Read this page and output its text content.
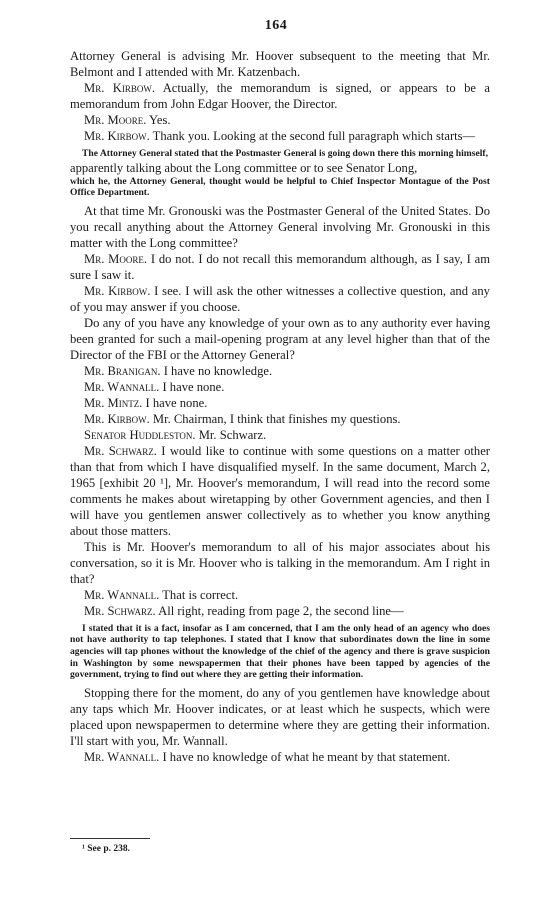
164

Attorney General is advising Mr. Hoover subsequent to the meeting that Mr. Belmont and I attended with Mr. Katzenbach.

Mr. Kirbow. Actually, the memorandum is signed, or appears to be a memorandum from John Edgar Hoover, the Director.

Mr. Moore. Yes.

Mr. Kirbow. Thank you. Looking at the second full paragraph which starts—

The Attorney General stated that the Postmaster General is going down there this morning himself,

apparently talking about the Long committee or to see Senator Long,

which he, the Attorney General, thought would be helpful to Chief Inspector Montague of the Post Office Department.

At that time Mr. Gronouski was the Postmaster General of the United States. Do you recall anything about the Attorney General involving Mr. Gronouski in this matter with the Long committee?

Mr. Moore. I do not. I do not recall this memorandum although, as I say, I am sure I saw it.

Mr. Kirbow. I see. I will ask the other witnesses a collective question, and any of you may answer if you choose.

Do any of you have any knowledge of your own as to any authority ever having been granted for such a mail-opening program at any level higher than that of the Director of the FBI or the Attorney General?

Mr. Branigan. I have no knowledge.

Mr. Wannall. I have none.

Mr. Mintz. I have none.

Mr. Kirbow. Mr. Chairman, I think that finishes my questions.

Senator Huddleston. Mr. Schwarz.

Mr. Schwarz. I would like to continue with some questions on a matter other than that from which I have disqualified myself. In the same document, March 2, 1965 [exhibit 20 ¹], Mr. Hoover's memorandum, I will read into the record some comments he makes about wiretapping by other Government agencies, and then I will have you gentlemen answer collectively as to whether you know anything about those matters.

This is Mr. Hoover's memorandum to all of his major associates about his conversation, so it is Mr. Hoover who is talking in the memorandum. Am I right in that?

Mr. Wannall. That is correct.

Mr. Schwarz. All right, reading from page 2, the second line—

I stated that it is a fact, insofar as I am concerned, that I am the only head of an agency who does not have authority to tap telephones. I stated that I know that subordinates down the line in some agencies will tap phones without the knowledge of the chief of the agency and there is grave suspicion in Washington by some newspapermen that their phones have been tapped by agencies of the government, trying to find out where they are getting their information.

Stopping there for the moment, do any of you gentlemen have knowledge about any taps which Mr. Hoover indicates, or at least which he suspects, which were placed upon newspapermen to determine where they are getting their information. I'll start with you, Mr. Wannall.

Mr. Wannall. I have no knowledge of what he meant by that statement.

¹ See p. 238.
